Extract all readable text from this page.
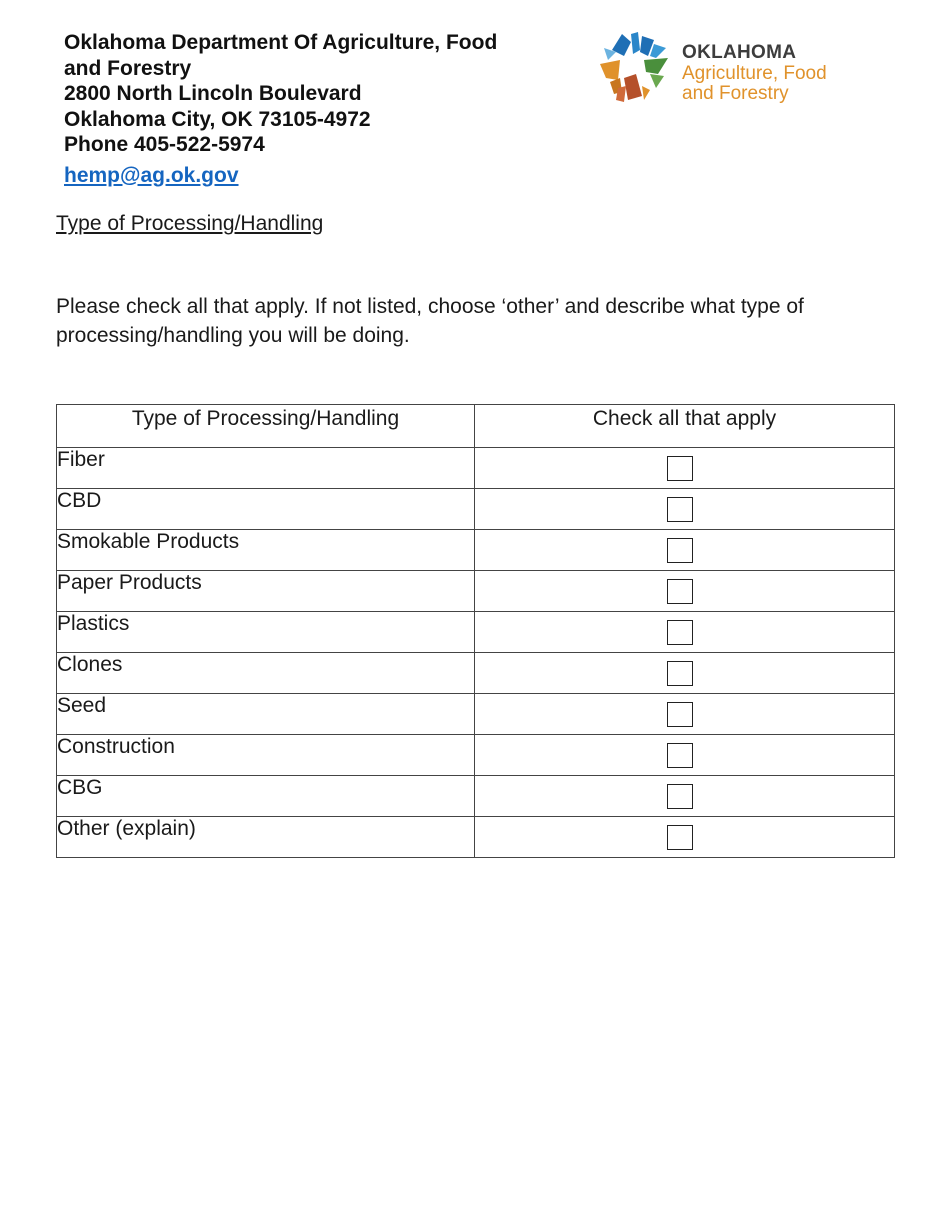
Oklahoma Department Of Agriculture, Food
and Forestry
2800 North Lincoln Boulevard
Oklahoma City, OK 73105-4972
Phone 405-522-5974
hemp@ag.ok.gov
OKLAHOMA
Agriculture, Food
and Forestry
Type of Processing/Handling
Please check all that apply. If not listed, choose ‘other’ and describe what type of processing/handling you will be doing.
Type of Processing/Handling	Check all that apply
Fiber	
CBD	
Smokable Products	
Paper Products	
Plastics	
Clones	
Seed	
Construction	
CBG	
Other (explain)	
